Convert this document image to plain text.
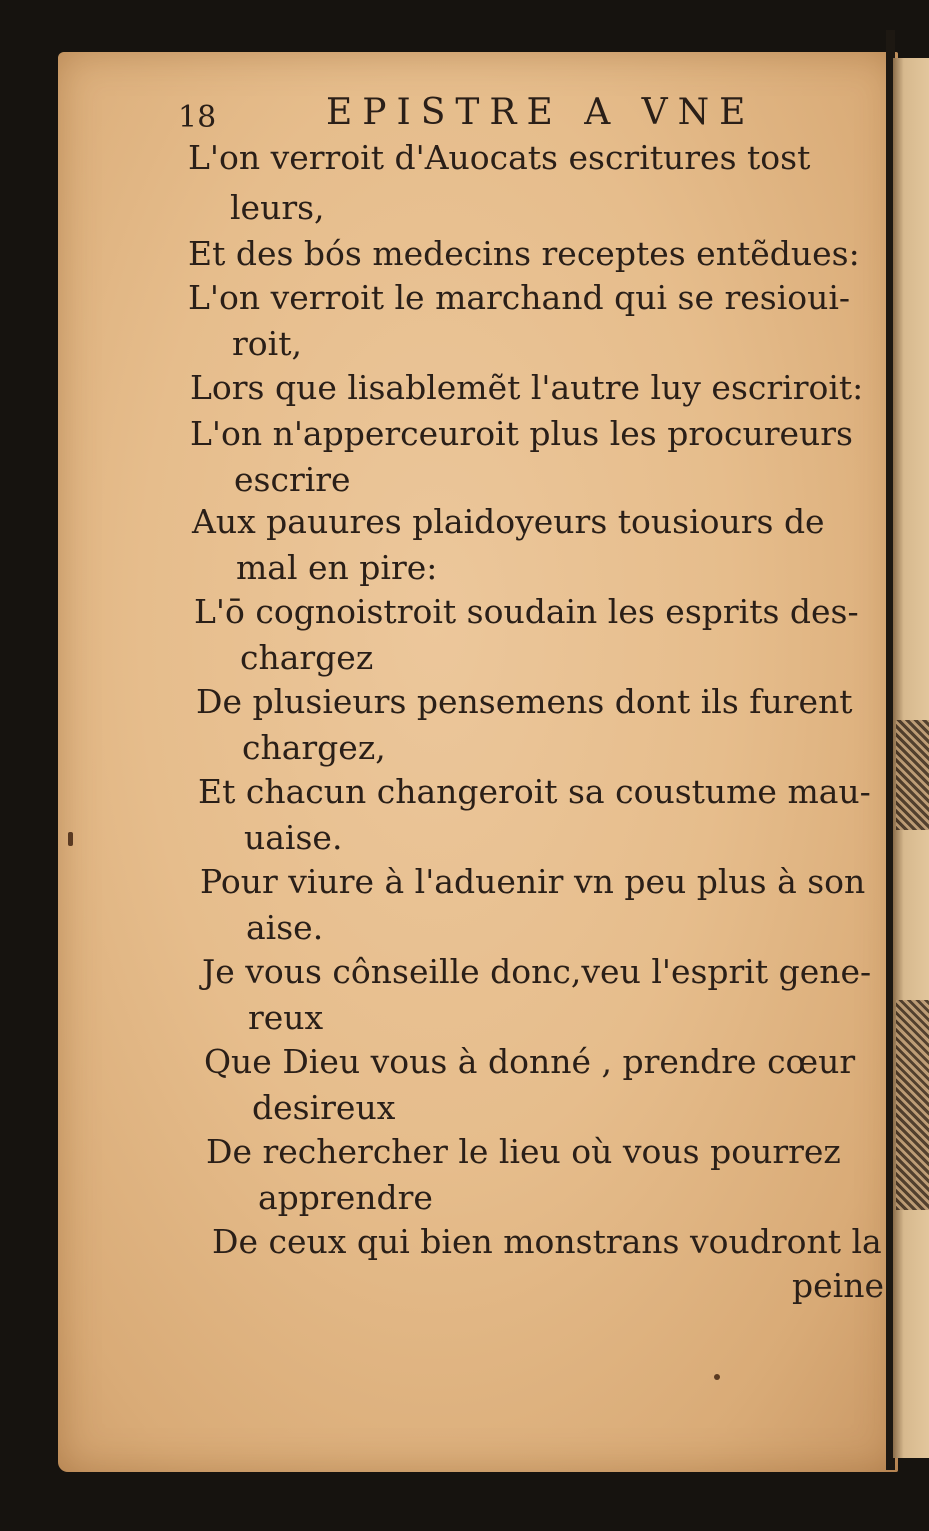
18	EPISTRE A VNE
L'on verroit d'Auocats escritures tost
leurs,
Et des bós medecins receptes entẽdues:
L'on verroit le marchand qui se resioui-
roit,
Lors que lisablemẽt l'autre luy escriroit:
L'on n'apperceuroit plus les procureurs
escrire
Aux pauures plaidoyeurs tousiours de
mal en pire:
L'ō cognoistroit soudain les esprits des-
chargez
De plusieurs pensemens dont ils furent
chargez,
Et chacun changeroit sa coustume mau-
uaise.
Pour viure à l'aduenir vn peu plus à son
aise.
Je vous cônseille donc,veu l'esprit gene-
reux
Que Dieu vous à donné , prendre cœur
desireux
De rechercher le lieu où vous pourrez
apprendre
De ceux qui bien monstrans voudront la
peine
